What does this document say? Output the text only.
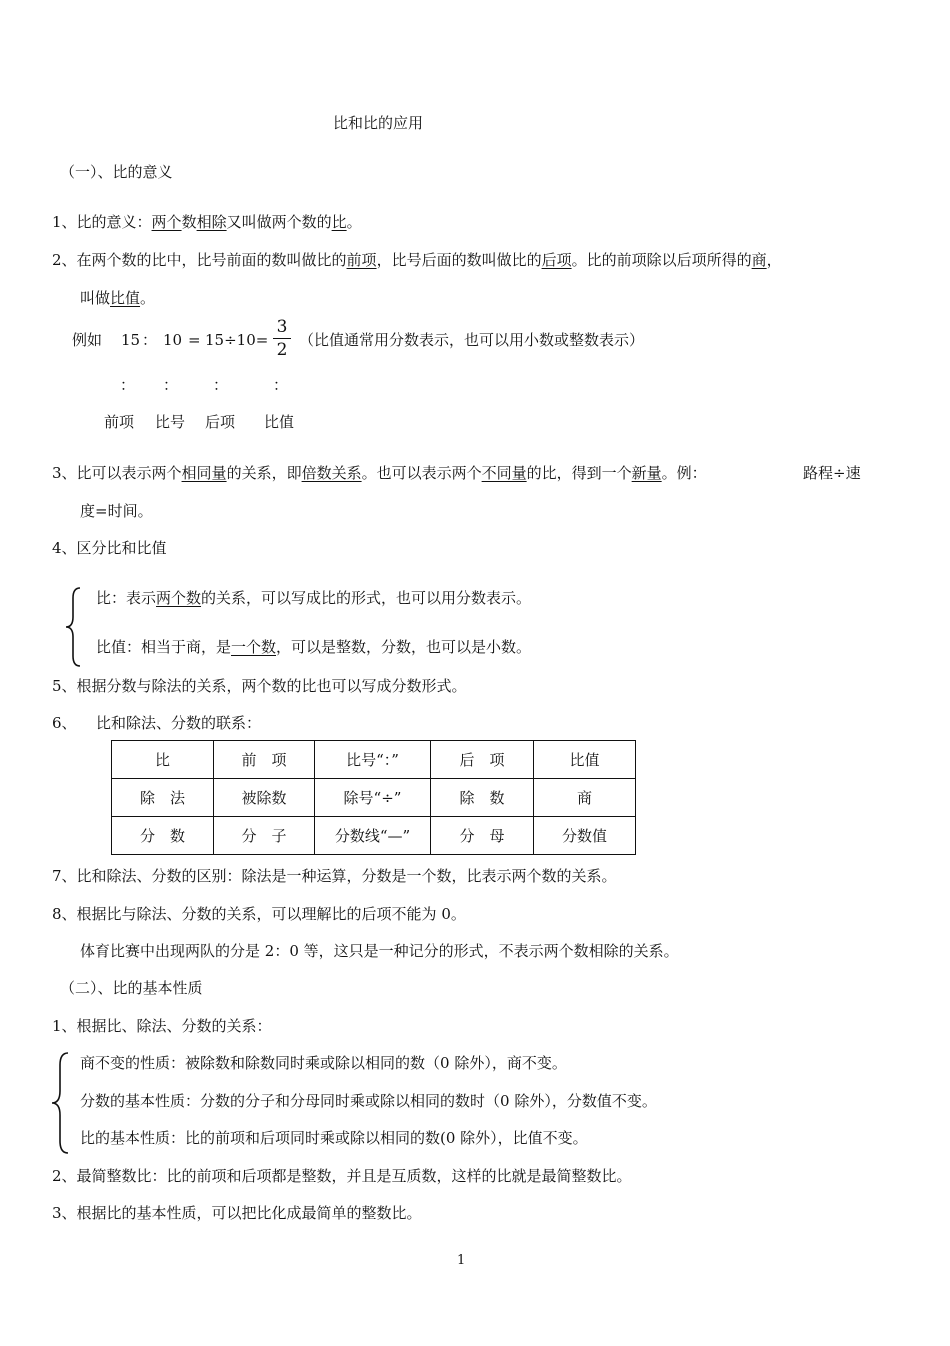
比和比的应用
（一）、比的意义
1、比的意义：两个数相除又叫做两个数的比。
2、在两个数的比中，比号前面的数叫做比的前项，比号后面的数叫做比的后项。比的前项除以后项所得的商，
叫做比值。
例如 15 ： 10 = 15÷10=
3
2 （比值通常用分数表示，也可以用小数或整数表示）
： ： ：	：
前项 比号 后项 比值
3、比可以表示两个相同量的关系，即倍数关系。也可以表示两个不同量的比，得到一个新量。例：	路程÷速
度=时间。
4、区分比和比值
比：表示两个数的关系，可以写成比的形式，也可以用分数表示。
比值：相当于商，是一个数，可以是整数，分数，也可以是小数。
5、根据分数与除法的关系，两个数的比也可以写成分数形式。
6、 比和除法、分数的联系：
比	前　项	比号“：”	后　项	比值
除　法	被除数	除号“÷”	除　数	商
分　数	分　子	分数线“—”	分　母	分数值
7、比和除法、分数的区别：除法是一种运算，分数是一个数，比表示两个数的关系。
8、根据比与除法、分数的关系，可以理解比的后项不能为 0。
体育比赛中出现两队的分是 2：0 等，这只是一种记分的形式，不表示两个数相除的关系。
（二）、比的基本性质
1、根据比、除法、分数的关系：
商不变的性质：被除数和除数同时乘或除以相同的数（0 除外），商不变。
分数的基本性质：分数的分子和分母同时乘或除以相同的数时（0 除外），分数值不变。
比的基本性质：比的前项和后项同时乘或除以相同的数(0 除外），比值不变。
2、最简整数比：比的前项和后项都是整数，并且是互质数，这样的比就是最简整数比。
3、根据比的基本性质，可以把比化成最简单的整数比。
1
